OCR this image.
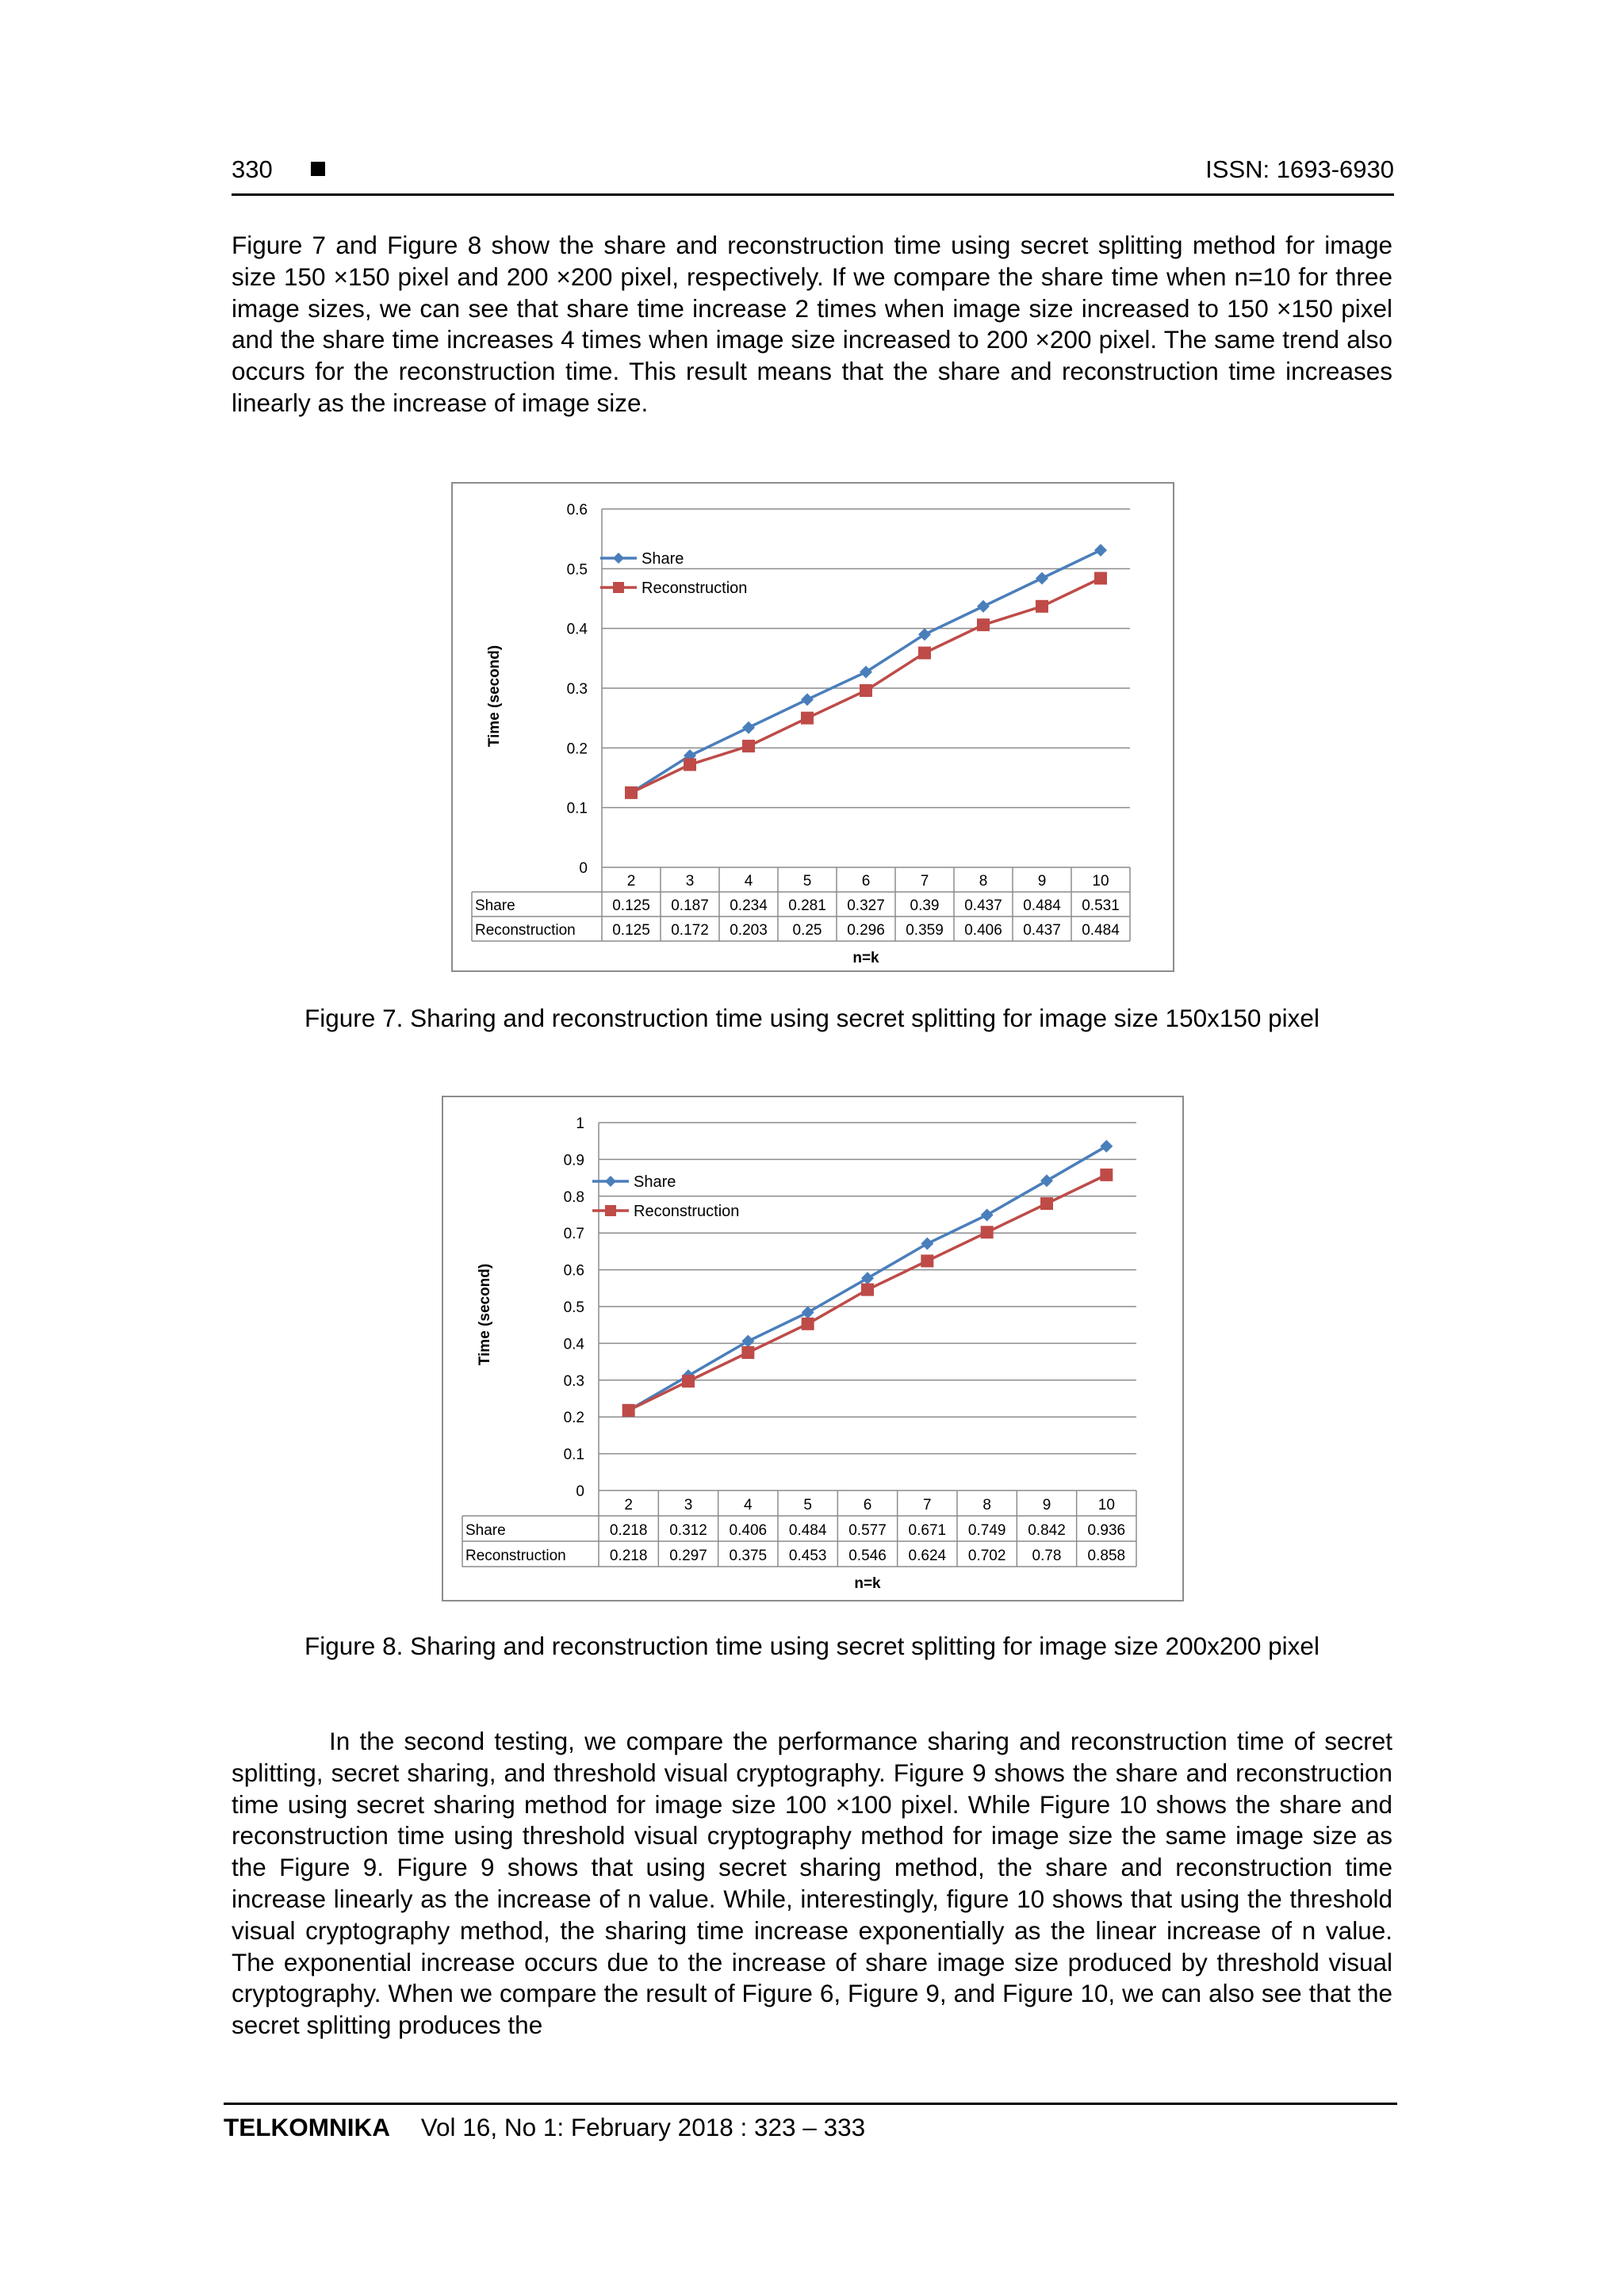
330	ISSN: 1693-6930

Figure 7 and Figure 8 show the share and reconstruction time using secret splitting method for image size 150 ×150 pixel and 200 ×200 pixel, respectively. If we compare the share time when n=10 for three image sizes, we can see that share time increase 2 times when image size increased to 150 ×150 pixel and the share time increases 4 times when image size increased to 200 ×200 pixel. The same trend also occurs for the reconstruction time. This result means that the share and reconstruction time increases linearly as the increase of image size.

0
0.1
0.2
0.3
0.4
0.5
0.6
Time (second)
2	3	4	5	6	7	8	9	10
Share	0.125 0.187 0.234 0.281 0.327 0.39 0.437 0.484 0.531
Reconstruction 0.125 0.172 0.203 0.25 0.296 0.359 0.406 0.437 0.484
n=k
Share
Reconstruction

Figure 7. Sharing and reconstruction time using secret splitting for image size 150x150 pixel

0
0.1
0.2
0.3
0.4
0.5
0.6
0.7
0.8
0.9
1
Time (second)
2	3	4	5	6	7	8	9	10
Share	0.218 0.312 0.406 0.484 0.577 0.671 0.749 0.842 0.936
Reconstruction	0.218 0.297 0.375 0.453 0.546 0.624 0.702 0.78 0.858
n=k
Share
Reconstruction

Figure 8. Sharing and reconstruction time using secret splitting for image size 200x200 pixel

In the second testing, we compare the performance sharing and reconstruction time of secret splitting, secret sharing, and threshold visual cryptography. Figure 9 shows the share and reconstruction time using secret sharing method for image size 100 ×100 pixel. While Figure 10 shows the share and reconstruction time using threshold visual cryptography method for image size the same image size as the Figure 9. Figure 9 shows that using secret sharing method, the share and reconstruction time increase linearly as the increase of n value. While, interestingly, figure 10 shows that using the threshold visual cryptography method, the sharing time increase exponentially as the linear increase of n value. The exponential increase occurs due to the increase of share image size produced by threshold visual cryptography. When we compare the result of Figure 6, Figure 9, and Figure 10, we can also see that the secret splitting produces the

TELKOMNIKA Vol 16, No 1: February 2018 : 323 – 333
